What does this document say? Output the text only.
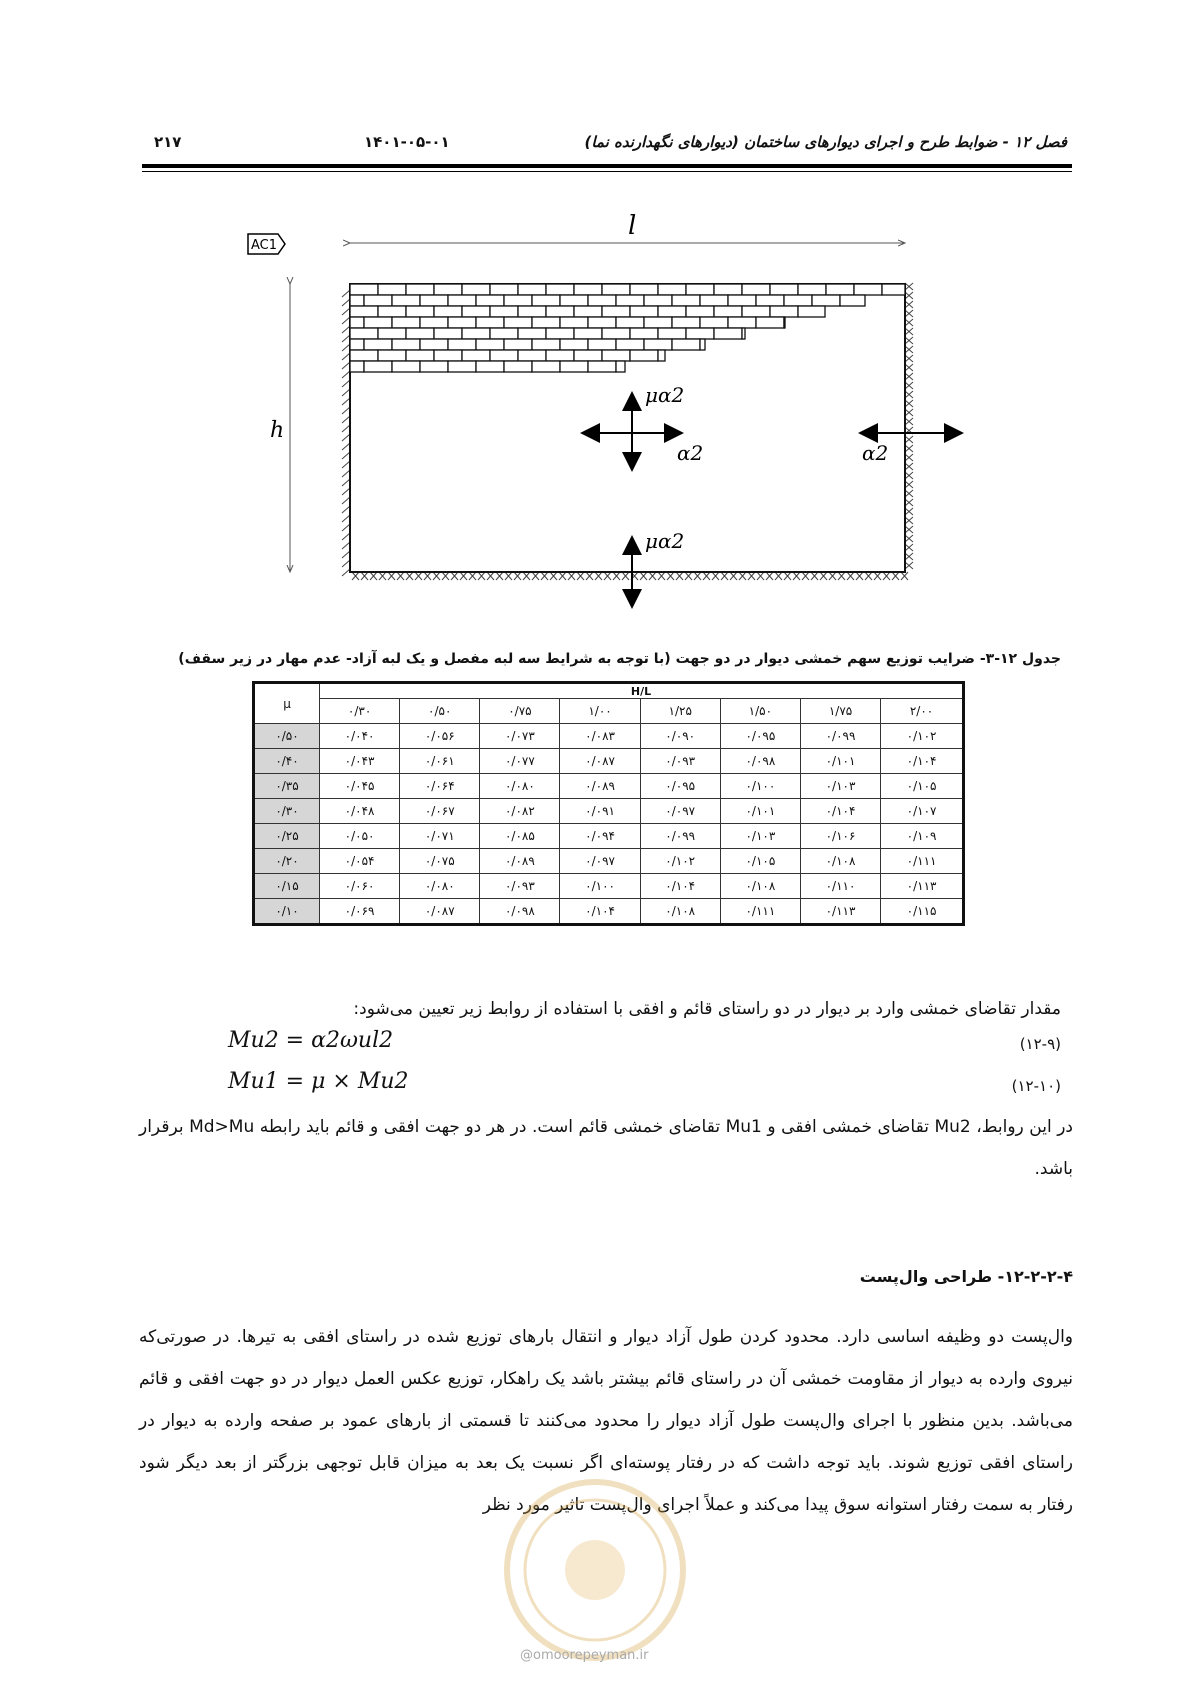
۲۱۷	۱۴۰۱-۰۵-۰۱	فصل ۱۲ - ضوابط طرح و اجرای دیوارهای ساختمان (دیوارهای نگهدارنده نما)
AC1
l
h
μα2
α2	α2
μα2
جدول ۱۲-۳- ضرایب توزیع سهم خمشی دیوار در دو جهت (با توجه به شرایط سه لبه مفصل و یک لبه آزاد- عدم مهار در زیر سقف)
μ	H/L							
	۰/۳۰	۰/۵۰	۰/۷۵	۱/۰۰	۱/۲۵	۱/۵۰	۱/۷۵	۲/۰۰
۰/۵۰	۰/۰۴۰	۰/۰۵۶	۰/۰۷۳	۰/۰۸۳	۰/۰۹۰	۰/۰۹۵	۰/۰۹۹	۰/۱۰۲
۰/۴۰	۰/۰۴۳	۰/۰۶۱	۰/۰۷۷	۰/۰۸۷	۰/۰۹۳	۰/۰۹۸	۰/۱۰۱	۰/۱۰۴
۰/۳۵	۰/۰۴۵	۰/۰۶۴	۰/۰۸۰	۰/۰۸۹	۰/۰۹۵	۰/۱۰۰	۰/۱۰۳	۰/۱۰۵
۰/۳۰	۰/۰۴۸	۰/۰۶۷	۰/۰۸۲	۰/۰۹۱	۰/۰۹۷	۰/۱۰۱	۰/۱۰۴	۰/۱۰۷
۰/۲۵	۰/۰۵۰	۰/۰۷۱	۰/۰۸۵	۰/۰۹۴	۰/۰۹۹	۰/۱۰۳	۰/۱۰۶	۰/۱۰۹
۰/۲۰	۰/۰۵۴	۰/۰۷۵	۰/۰۸۹	۰/۰۹۷	۰/۱۰۲	۰/۱۰۵	۰/۱۰۸	۰/۱۱۱
۰/۱۵	۰/۰۶۰	۰/۰۸۰	۰/۰۹۳	۰/۱۰۰	۰/۱۰۴	۰/۱۰۸	۰/۱۱۰	۰/۱۱۳
۰/۱۰	۰/۰۶۹	۰/۰۸۷	۰/۰۹۸	۰/۱۰۴	۰/۱۰۸	۰/۱۱۱	۰/۱۱۳	۰/۱۱۵
مقدار تقاضای خمشی وارد بر دیوار در دو راستای قائم و افقی با استفاده از روابط زیر تعیین می‌شود:
Mu2 = α2ωul2	(۱۲-۹)
Mu1 = μ × Mu2	(۱۲-۱۰)
در این روابط، Mu2 تقاضای خمشی افقی و Mu1 تقاضای خمشی قائم است. در هر دو جهت افقی و قائم باید رابطه Md>Mu برقرار باشد.
۱۲-۲-۲-۴- طراحی وال‌پست
وال‌پست دو وظیفه اساسی دارد. محدود کردن طول آزاد دیوار و انتقال بارهای توزیع شده در راستای افقی به تیرها. در صورتی‌که نیروی وارده به دیوار از مقاومت خمشی آن در راستای قائم بیشتر باشد یک راهکار، توزیع عکس العمل دیوار در دو جهت افقی و قائم می‌باشد. بدین منظور با اجرای وال‌پست طول آزاد دیوار را محدود می‌کنند تا قسمتی از بارهای عمود بر صفحه وارده به دیوار در راستای افقی توزیع شوند. باید توجه داشت که در رفتار پوسته‌ای اگر نسبت یک بعد به میزان قابل توجهی بزرگتر از بعد دیگر شود رفتار به سمت رفتار استوانه سوق پیدا می‌کند و عملاً اجرای وال‌پست تاثیر مورد نظر
@omoorepeyman.ir
